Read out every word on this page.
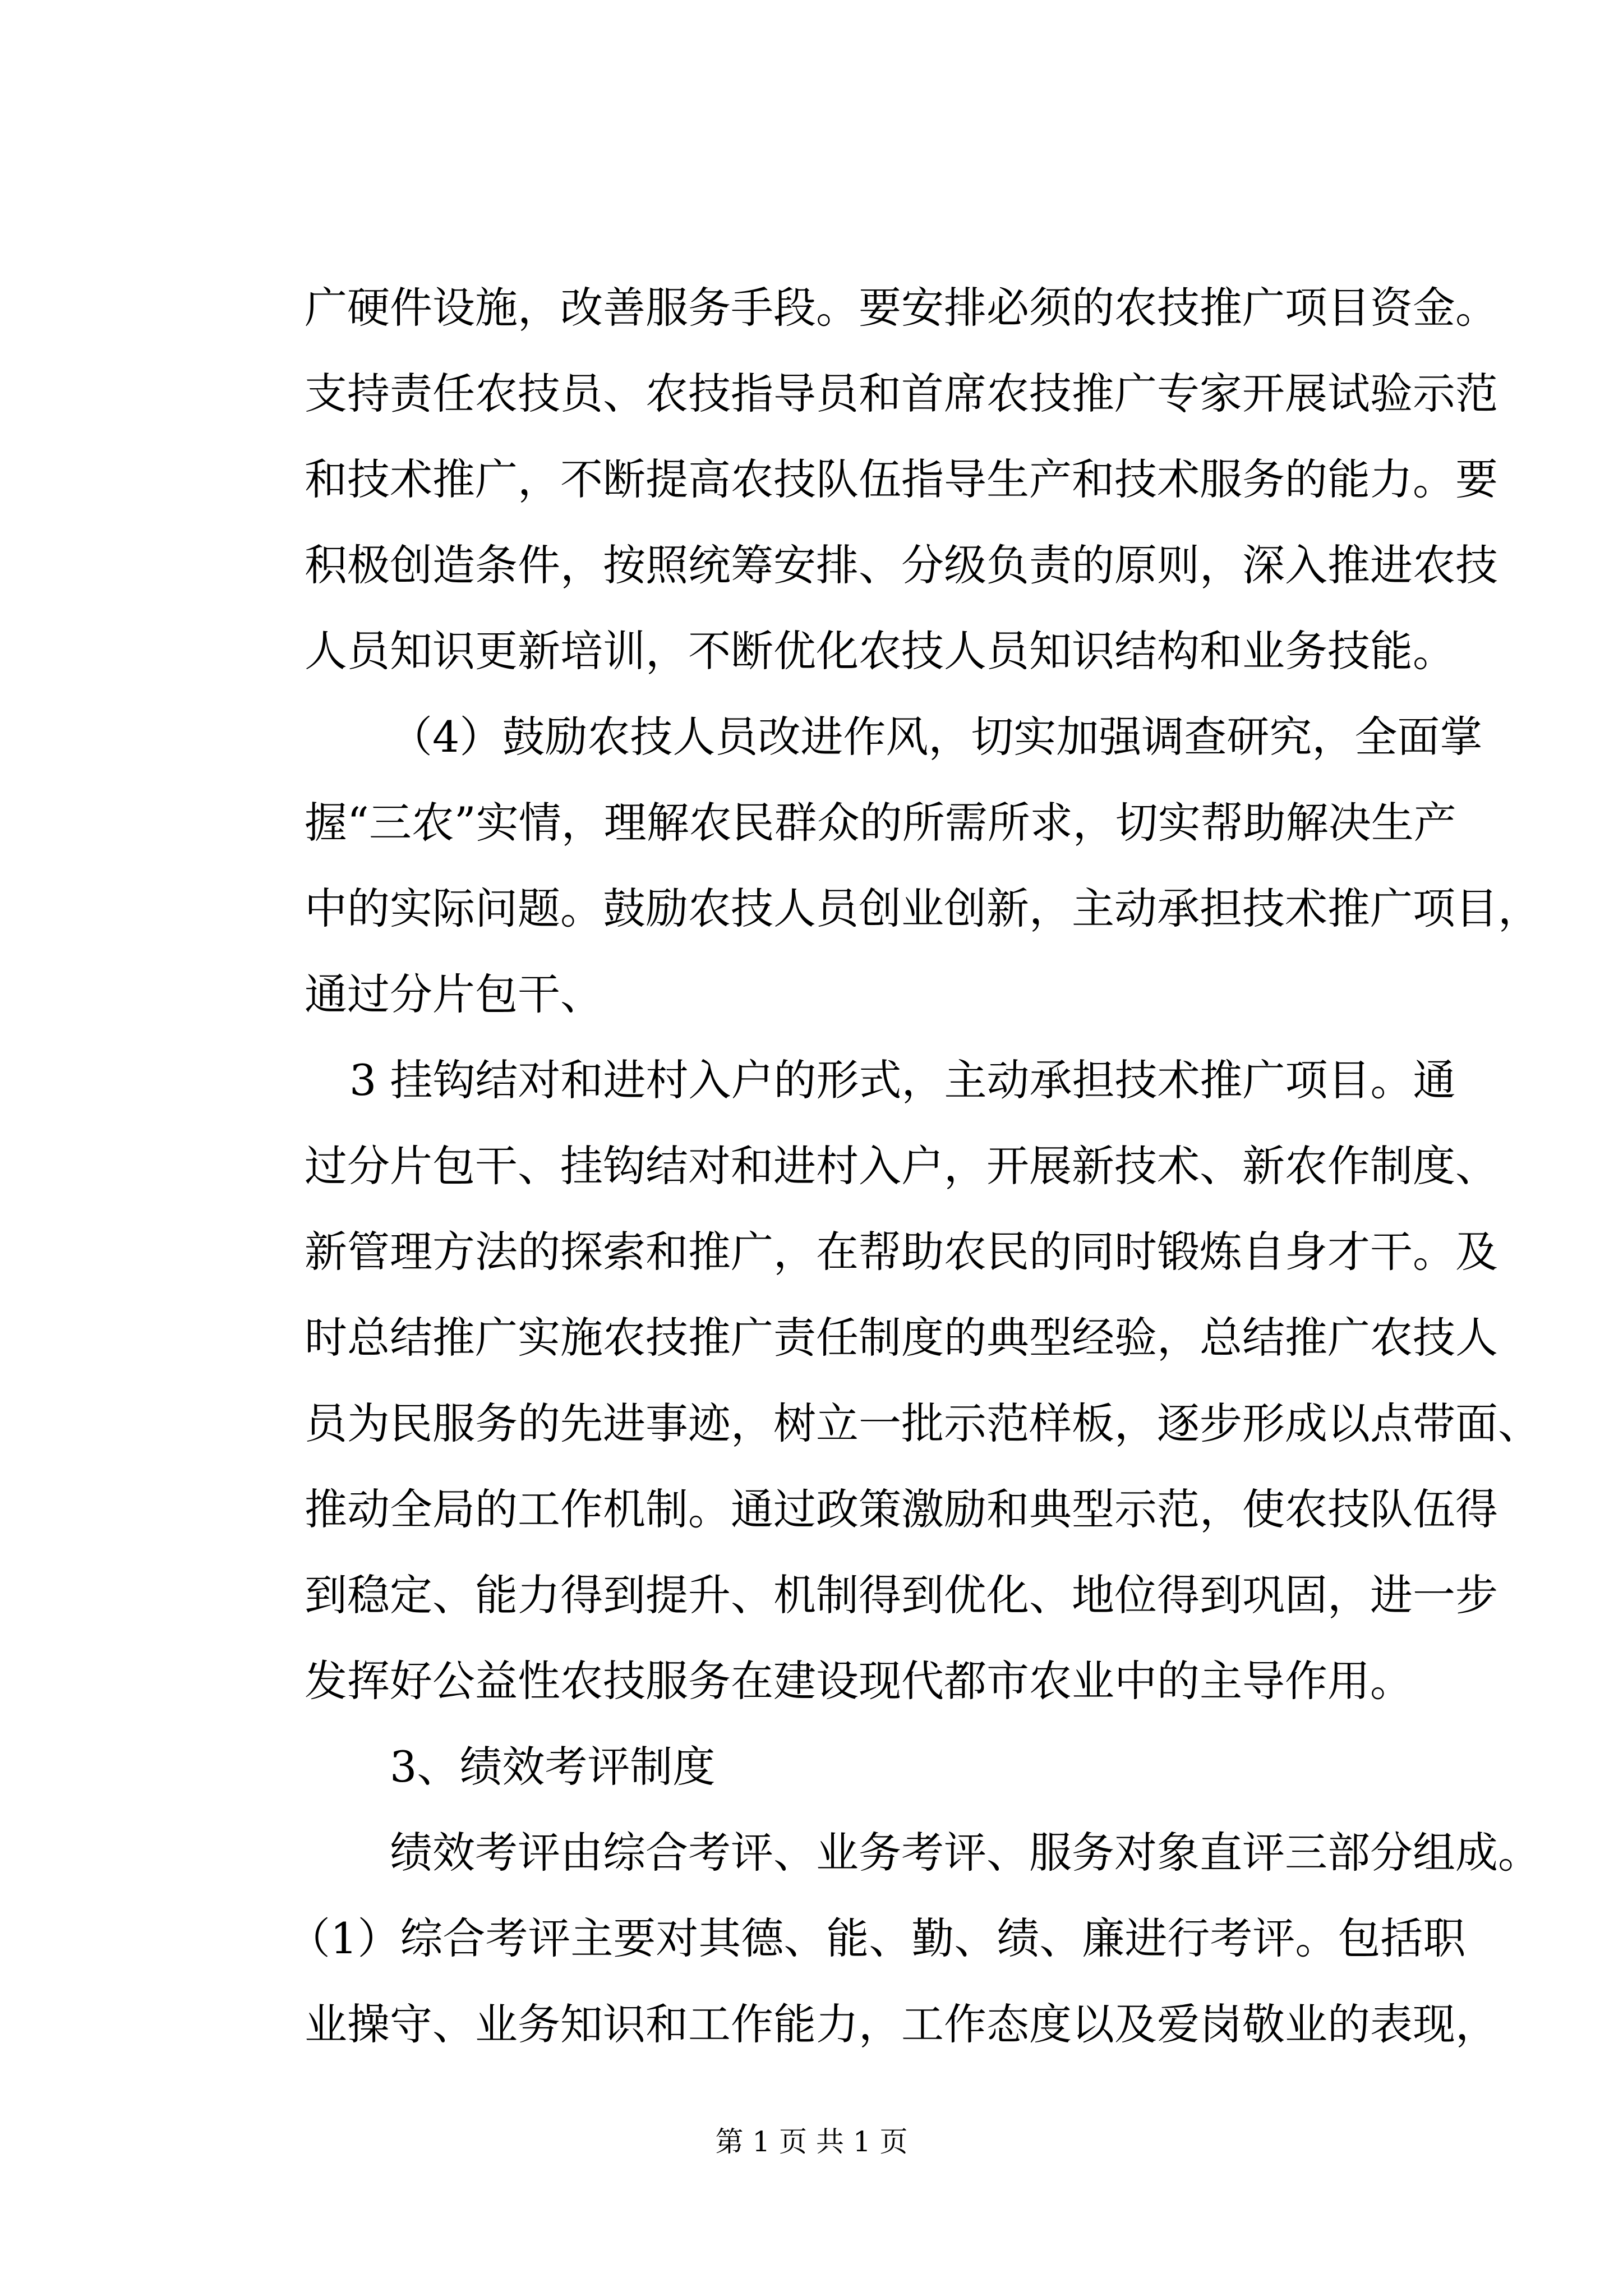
广硬件设施，改善服务手段。要安排必须的农技推广项目资金。
支持责任农技员、农技指导员和首席农技推广专家开展试验示范
和技术推广，不断提高农技队伍指导生产和技术服务的能力。要
积极创造条件，按照统筹安排、分级负责的原则，深入推进农技
人员知识更新培训，不断优化农技人员知识结构和业务技能。
（4）鼓励农技人员改进作风，切实加强调查研究，全面掌
握“三农”实情，理解农民群众的所需所求，切实帮助解决生产
中的实际问题。鼓励农技人员创业创新，主动承担技术推广项目，
通过分片包干、
3 挂钩结对和进村入户的形式，主动承担技术推广项目。通
过分片包干、挂钩结对和进村入户，开展新技术、新农作制度、
新管理方法的探索和推广，在帮助农民的同时锻炼自身才干。及
时总结推广实施农技推广责任制度的典型经验，总结推广农技人
员为民服务的先进事迹，树立一批示范样板，逐步形成以点带面、
推动全局的工作机制。通过政策激励和典型示范，使农技队伍得
到稳定、能力得到提升、机制得到优化、地位得到巩固，进一步
发挥好公益性农技服务在建设现代都市农业中的主导作用。
3、绩效考评制度
绩效考评由综合考评、业务考评、服务对象直评三部分组成。
（1）综合考评主要对其德、能、勤、绩、廉进行考评。包括职
业操守、业务知识和工作能力，工作态度以及爱岗敬业的表现，
第 1 页 共 1 页
